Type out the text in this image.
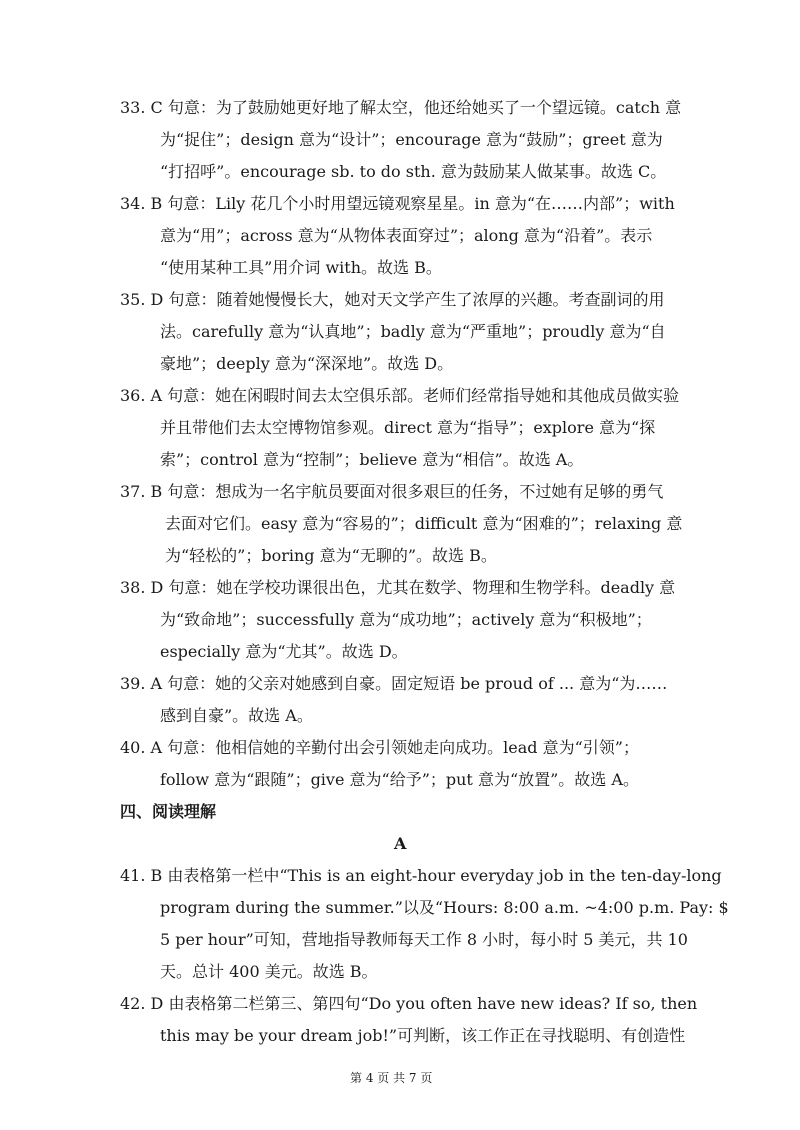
33. C 句意：为了鼓励她更好地了解太空，他还给她买了一个望远镜。catch 意
为“捉住”；design 意为“设计”；encourage 意为“鼓励”；greet 意为
“打招呼”。encourage sb. to do sth. 意为鼓励某人做某事。故选 C。
34. B 句意：Lily 花几个小时用望远镜观察星星。in 意为“在……内部”；with
意为“用”；across 意为“从物体表面穿过”；along 意为“沿着”。表示
“使用某种工具”用介词 with。故选 B。
35. D 句意：随着她慢慢长大，她对天文学产生了浓厚的兴趣。考查副词的用
法。carefully 意为“认真地”；badly 意为“严重地”；proudly 意为“自
豪地”；deeply 意为“深深地”。故选 D。
36. A 句意：她在闲暇时间去太空俱乐部。老师们经常指导她和其他成员做实验
并且带他们去太空博物馆参观。direct 意为“指导”；explore 意为“探
索”；control 意为“控制”；believe 意为“相信”。故选 A。
37. B 句意：想成为一名宇航员要面对很多艰巨的任务，不过她有足够的勇气
去面对它们。easy 意为“容易的”；difficult 意为“困难的”；relaxing 意
为“轻松的”；boring 意为“无聊的”。故选 B。
38. D 句意：她在学校功课很出色，尤其在数学、物理和生物学科。deadly 意
为“致命地”；successfully 意为“成功地”；actively 意为“积极地”；
especially 意为“尤其”。故选 D。
39. A 句意：她的父亲对她感到自豪。固定短语 be proud of ... 意为“为……
感到自豪”。故选 A。
40. A 句意：他相信她的辛勤付出会引领她走向成功。lead 意为“引领”；
follow 意为“跟随”；give 意为“给予”；put 意为“放置”。故选 A。
四、阅读理解
A
41. B 由表格第一栏中“This is an eight-hour everyday job in the ten-day-long
program during the summer.”以及“Hours: 8:00 a.m. ~4:00 p.m. Pay: $
5 per hour”可知，营地指导教师每天工作 8 小时，每小时 5 美元，共 10
天。总计 400 美元。故选 B。
42. D 由表格第二栏第三、第四句“Do you often have new ideas? If so, then
this may be your dream job!”可判断，该工作正在寻找聪明、有创造性
第 4 页 共 7 页
